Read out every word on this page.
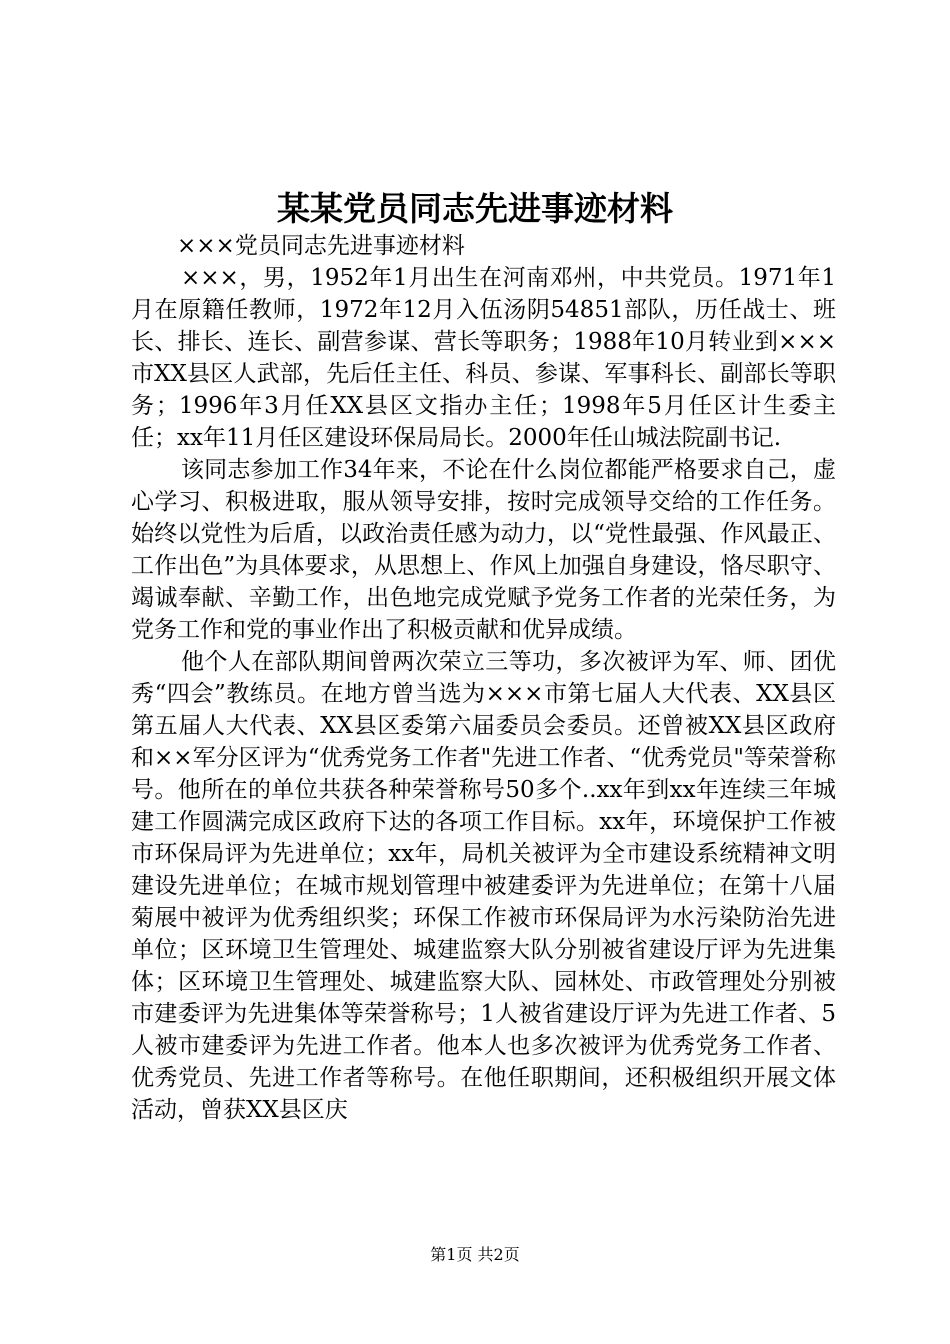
某某党员同志先进事迹材料

×××党员同志先进事迹材料

×××，男，1952年1月出生在河南邓州，中共党员。1971年1月在原籍任教师，1972年12月入伍汤阴54851部队，历任战士、班长、排长、连长、副营参谋、营长等职务；1988年10月转业到×××市XX县区人武部，先后任主任、科员、参谋、军事科长、副部长等职务；1996年3月任XX县区文指办主任；1998年5月任区计生委主任；xx年11月任区建设环保局局长。2000年任山城法院副书记.

该同志参加工作34年来，不论在什么岗位都能严格要求自己，虚心学习、积极进取，服从领导安排，按时完成领导交给的工作任务。始终以党性为后盾，以政治责任感为动力，以“党性最强、作风最正、工作出色”为具体要求，从思想上、作风上加强自身建设，恪尽职守、竭诚奉献、辛勤工作，出色地完成党赋予党务工作者的光荣任务，为党务工作和党的事业作出了积极贡献和优异成绩。

他个人在部队期间曾两次荣立三等功，多次被评为军、师、团优秀“四会”教练员。在地方曾当选为×××市第七届人大代表、XX县区第五届人大代表、XX县区委第六届委员会委员。还曾被XX县区政府和××军分区评为“优秀党务工作者"先进工作者、“优秀党员"等荣誉称号。他所在的单位共获各种荣誉称号50多个..xx年到xx年连续三年城建工作圆满完成区政府下达的各项工作目标。xx年，环境保护工作被市环保局评为先进单位；xx年，局机关被评为全市建设系统精神文明建设先进单位；在城市规划管理中被建委评为先进单位；在第十八届菊展中被评为优秀组织奖；环保工作被市环保局评为水污染防治先进单位；区环境卫生管理处、城建监察大队分别被省建设厅评为先进集体；区环境卫生管理处、城建监察大队、园林处、市政管理处分别被市建委评为先进集体等荣誉称号；1人被省建设厅评为先进工作者、5人被市建委评为先进工作者。他本人也多次被评为优秀党务工作者、优秀党员、先进工作者等称号。在他任职期间，还积极组织开展文体活动，曾获XX县区庆

第1页 共2页
